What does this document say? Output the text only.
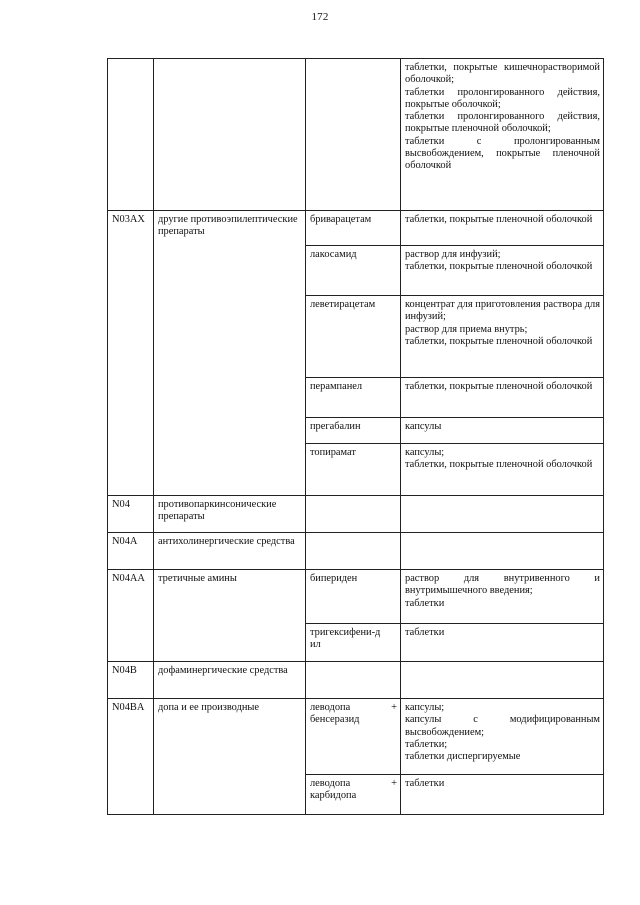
172

			таблетки, покрытые кишечнорастворимой оболочкой;
таблетки пролонгированного действия, покрытые оболочкой;
таблетки пролонгированного действия, покрытые пленочной оболочкой;
таблетки с пролонгированным высвобождением, покрытые пленочной оболочкой

N03AX	другие противоэпилептические препараты	бриварацетам	таблетки, покрытые пленочной оболочкой

		лакосамид	раствор для инфузий;
таблетки, покрытые пленочной оболочкой

		леветирацетам	концентрат для приготовления раствора для инфузий;
раствор для приема внутрь;
таблетки, покрытые пленочной оболочкой

		перампанел	таблетки, покрытые пленочной оболочкой

		прегабалин	капсулы

		топирамат	капсулы;
таблетки, покрытые пленочной оболочкой

N04	противопаркинсонические препараты		
N04A	антихолинергические средства		
N04AA	третичные амины	бипериден	раствор для внутривенного и внутримышечного введения;
таблетки

		тригексифени-дил	таблетки

N04B	дофаминергические средства		
N04BA	допа и ее производные	леводопа +
бенсеразид	капсулы;
капсулы с модифицированным высвобождением;
таблетки;
таблетки диспергируемые

		леводопа +
карбидопа	таблетки
